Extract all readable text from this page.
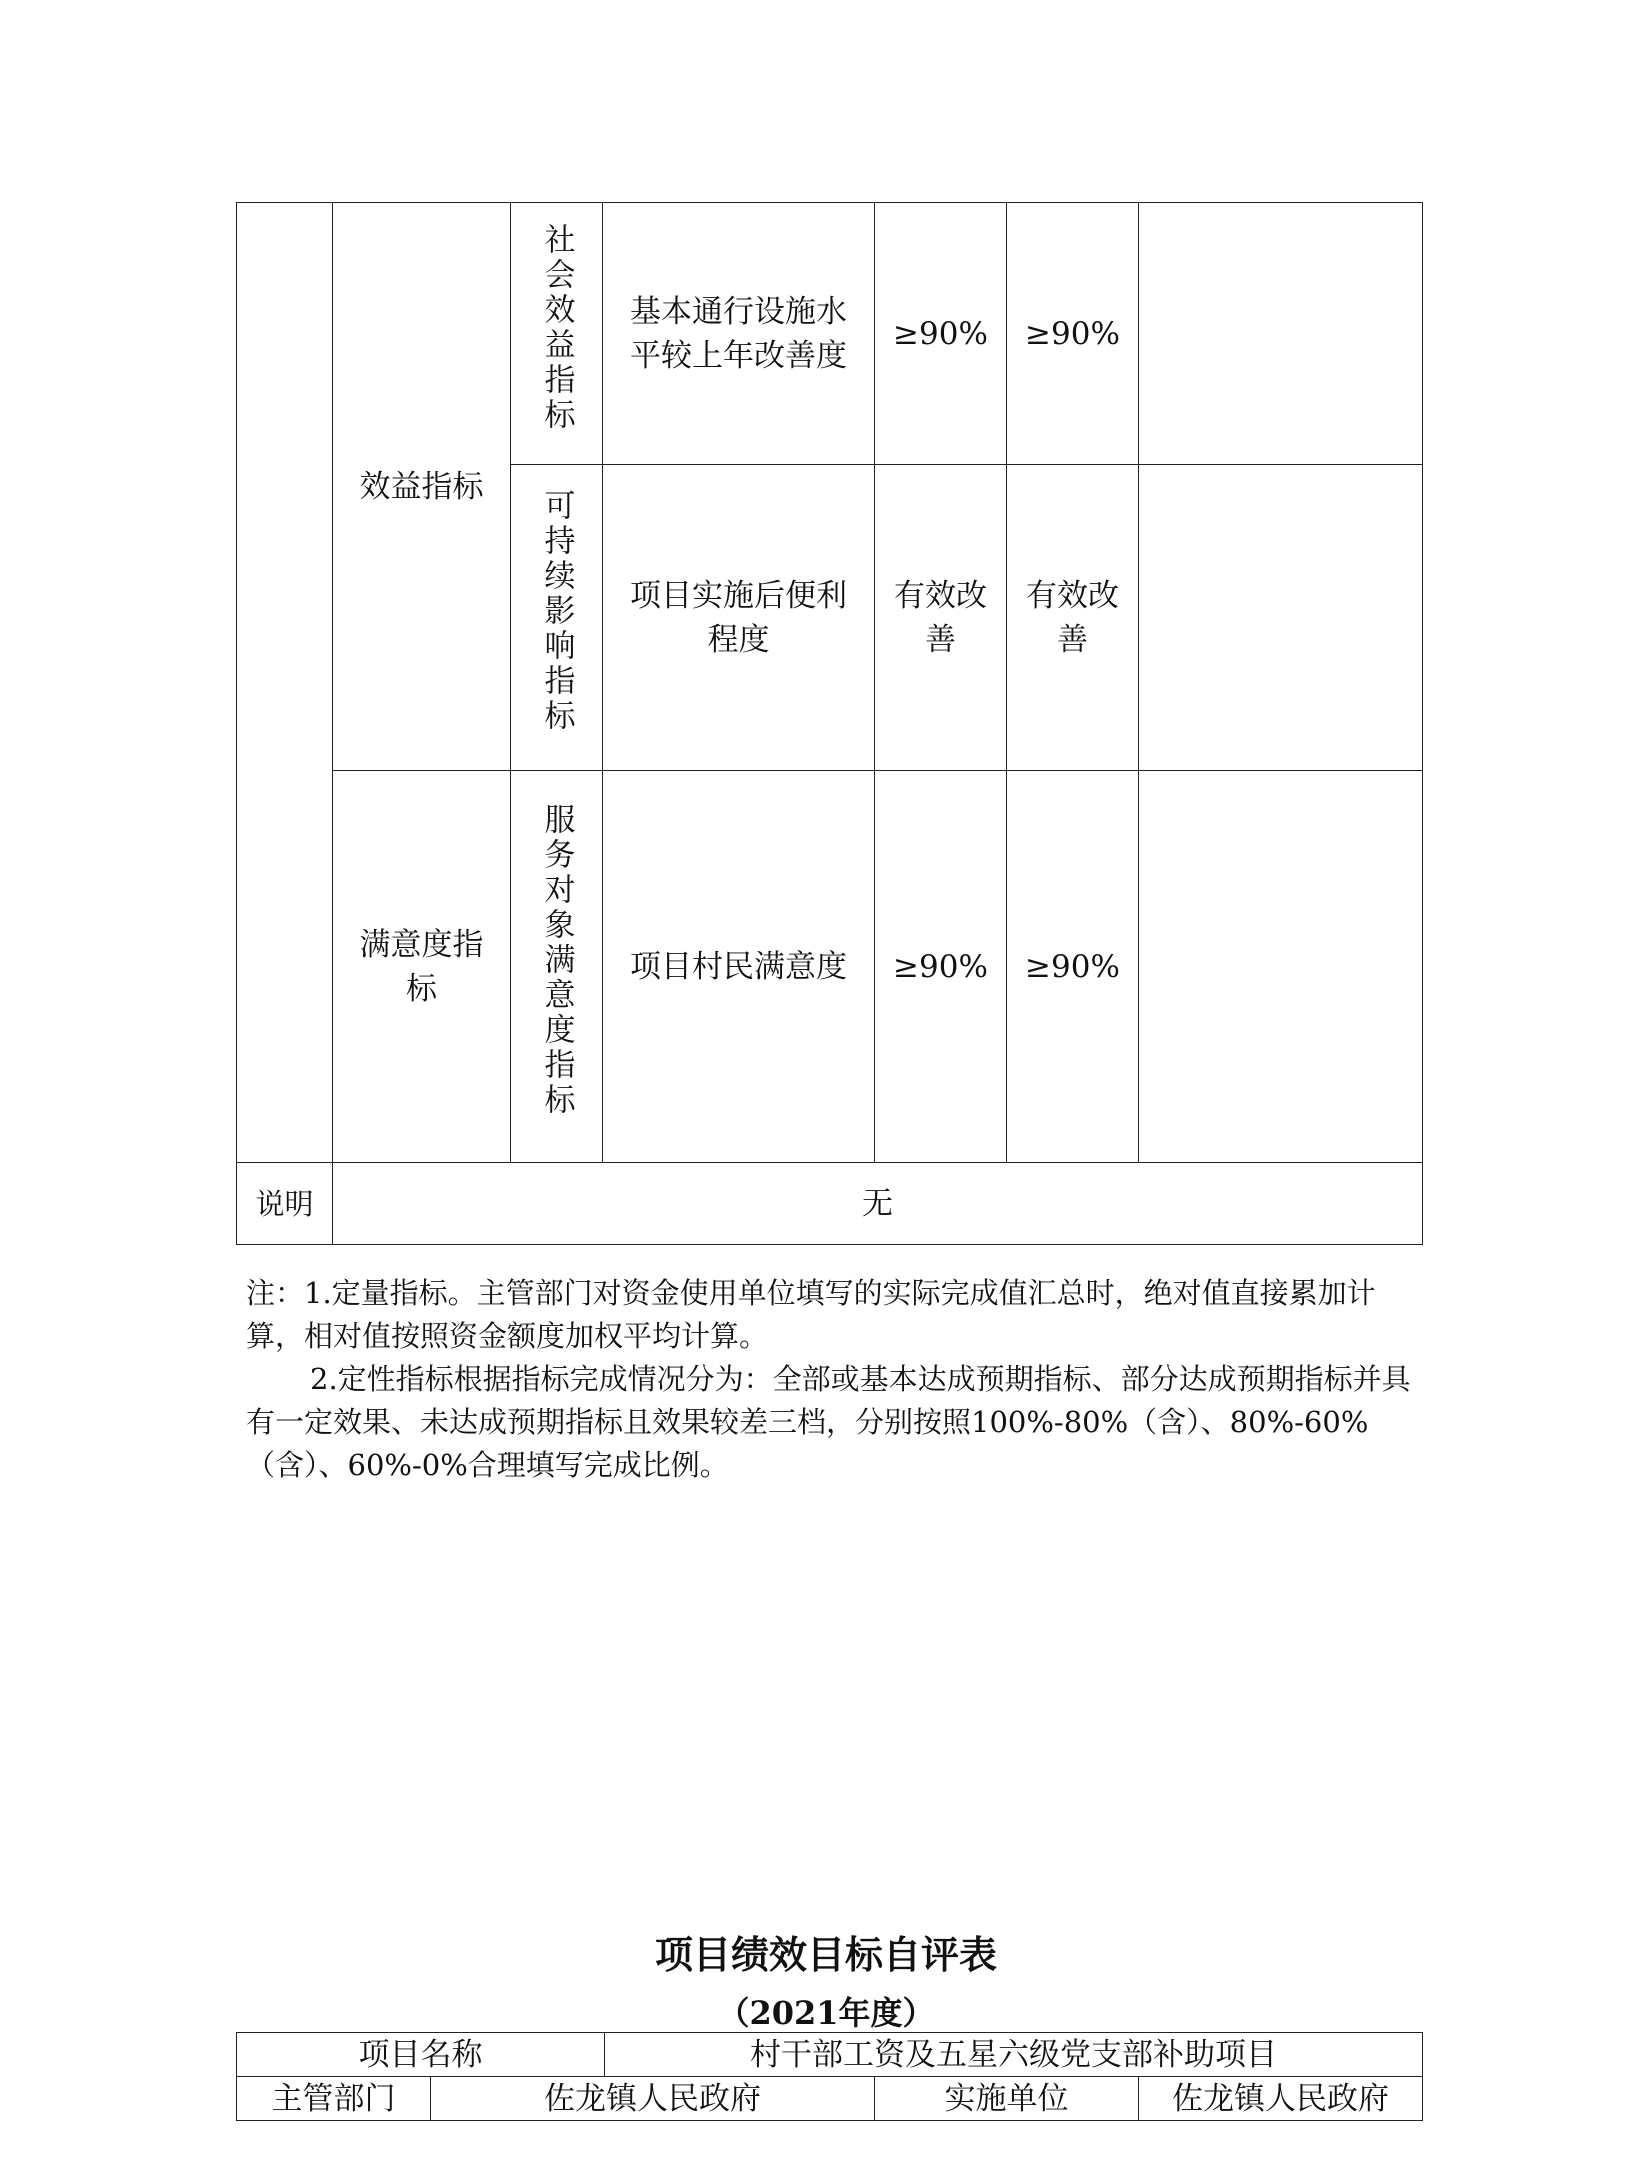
	效益指标	社会效益指标	基本通行设施水平较上年改善度	≥90%	≥90%	
		可持续影响指标	项目实施后便利程度	有效改善	有效改善	
	满意度指标	服务对象满意度指标	项目村民满意度	≥90%	≥90%	
说明	无					

注：1.定量指标。主管部门对资金使用单位填写的实际完成值汇总时，绝对值直接累加计算，相对值按照资金额度加权平均计算。

2.定性指标根据指标完成情况分为：全部或基本达成预期指标、部分达成预期指标并具有一定效果、未达成预期指标且效果较差三档，分别按照100%-80%（含）、80%-60%（含）、60%-0%合理填写完成比例。

项目绩效目标自评表
（2021年度）
项目名称		村干部工资及五星六级党支部补助项目		
主管部门	佐龙镇人民政府		实施单位	佐龙镇人民政府
